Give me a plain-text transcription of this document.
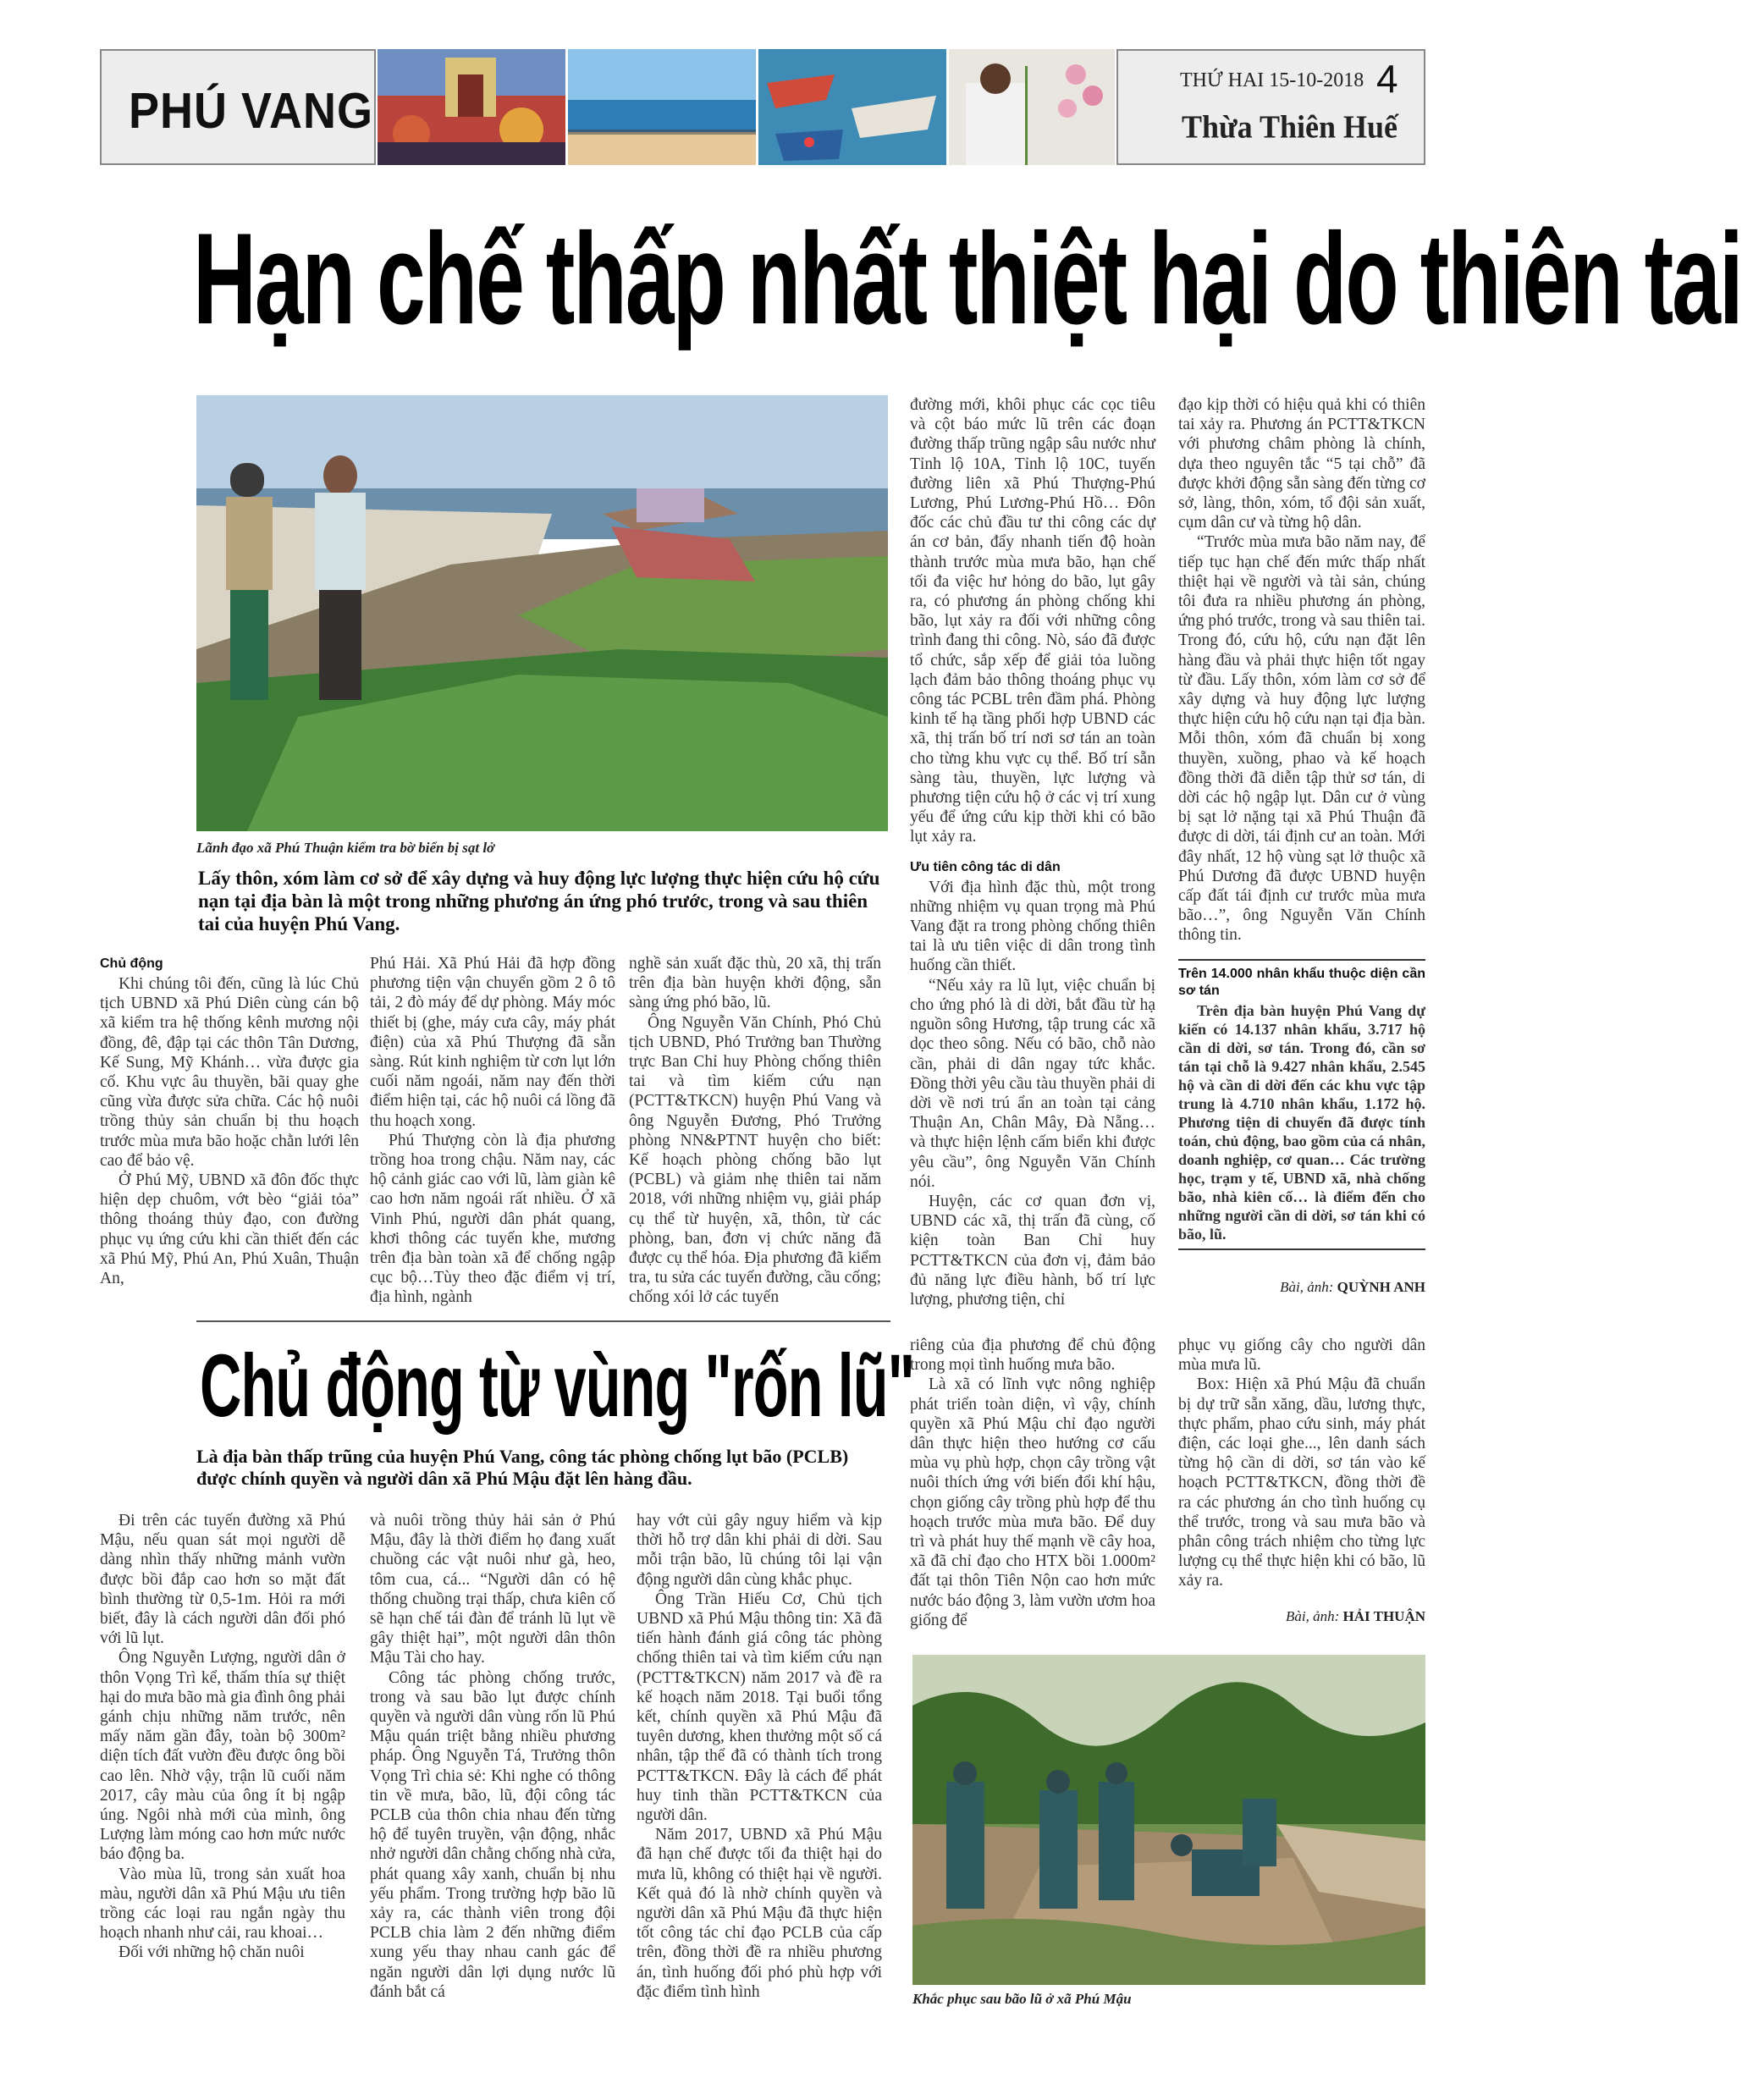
PHÚ VANG
THỨ HAI 15-10-2018 4
Thừa Thiên Huế
Hạn chế thấp nhất thiệt hại do thiên tai
Lãnh đạo xã Phú Thuận kiểm tra bờ biển bị sạt lở
Lấy thôn, xóm làm cơ sở để xây dựng và huy động lực lượng thực hiện cứu hộ cứu nạn tại địa bàn là một trong những phương án ứng phó trước, trong và sau thiên tai của huyện Phú Vang.
Chủ động

Khi chúng tôi đến, cũng là lúc Chủ tịch UBND xã Phú Diên cùng cán bộ xã kiểm tra hệ thống kênh mương nội đồng, đê, đập tại các thôn Tân Dương, Kế Sung, Mỹ Khánh… vừa được gia cố. Khu vực âu thuyền, bãi quay ghe cũng vừa được sửa chữa. Các hộ nuôi trồng thủy sản chuẩn bị thu hoạch trước mùa mưa bão hoặc chằn lưới lên cao để bảo vệ.

Ở Phú Mỹ, UBND xã đôn đốc thực hiện dẹp chuôm, vớt bèo “giải tỏa” thông thoáng thủy đạo, con đường phục vụ ứng cứu khi cần thiết đến các xã Phú Mỹ, Phú An, Phú Xuân, Thuận An,

Phú Hải. Xã Phú Hải đã hợp đồng phương tiện vận chuyển gồm 2 ô tô tải, 2 đò máy để dự phòng. Máy móc thiết bị (ghe, máy cưa cây, máy phát điện) của xã Phú Thượng đã sẵn sàng. Rút kinh nghiệm từ cơn lụt lớn cuối năm ngoái, năm nay đến thời điểm hiện tại, các hộ nuôi cá lồng đã thu hoạch xong.

Phú Thượng còn là địa phương trồng hoa trong chậu. Năm nay, các hộ cảnh giác cao với lũ, làm giàn kê cao hơn năm ngoái rất nhiều. Ở xã Vinh Phú, người dân phát quang, khơi thông các tuyến khe, mương trên địa bàn toàn xã để chống ngập cục bộ…Tùy theo đặc điểm vị trí, địa hình, ngành

nghề sản xuất đặc thù, 20 xã, thị trấn trên địa bàn huyện khởi động, sẵn sàng ứng phó bão, lũ.

Ông Nguyễn Văn Chính, Phó Chủ tịch UBND, Phó Trưởng ban Thường trực Ban Chỉ huy Phòng chống thiên tai và tìm kiếm cứu nạn (PCTT&TKCN) huyện Phú Vang và ông Nguyễn Đương, Phó Trưởng phòng NN&PTNT huyện cho biết: Kế hoạch phòng chống bão lụt (PCBL) và giảm nhẹ thiên tai năm 2018, với những nhiệm vụ, giải pháp cụ thể từ huyện, xã, thôn, từ các phòng, ban, đơn vị chức năng đã được cụ thể hóa. Địa phương đã kiểm tra, tu sửa các tuyến đường, cầu cống; chống xói lở các tuyến

đường mới, khôi phục các cọc tiêu và cột báo mức lũ trên các đoạn đường thấp trũng ngập sâu nước như Tỉnh lộ 10A, Tỉnh lộ 10C, tuyến đường liên xã Phú Thượng-Phú Lương, Phú Lương-Phú Hồ… Đôn đốc các chủ đầu tư thi công các dự án cơ bản, đẩy nhanh tiến độ hoàn thành trước mùa mưa bão, hạn chế tối đa việc hư hỏng do bão, lụt gây ra, có phương án phòng chống khi bão, lụt xảy ra đối với những công trình đang thi công. Nò, sáo đã được tổ chức, sắp xếp để giải tỏa luồng lạch đảm bảo thông thoáng phục vụ công tác PCBL trên đầm phá. Phòng kinh tế hạ tầng phối hợp UBND các xã, thị trấn bố trí nơi sơ tán an toàn cho từng khu vực cụ thể. Bố trí sẵn sàng tàu, thuyền, lực lượng và phương tiện cứu hộ ở các vị trí xung yếu để ứng cứu kịp thời khi có bão lụt xảy ra.

Ưu tiên công tác di dân

Với địa hình đặc thù, một trong những nhiệm vụ quan trọng mà Phú Vang đặt ra trong phòng chống thiên tai là ưu tiên việc di dân trong tình huống cần thiết.

“Nếu xảy ra lũ lụt, việc chuẩn bị cho ứng phó là di dời, bắt đầu từ hạ nguồn sông Hương, tập trung các xã dọc theo sông. Nếu có bão, chỗ nào cần, phải di dân ngay tức khắc. Đồng thời yêu cầu tàu thuyền phải di dời về nơi trú ẩn an toàn tại cảng Thuận An, Chân Mây, Đà Nẵng… và thực hiện lệnh cấm biển khi được yêu cầu”, ông Nguyễn Văn Chính nói.

Huyện, các cơ quan đơn vị, UBND các xã, thị trấn đã cùng, cố kiện toàn Ban Chỉ huy PCTT&TKCN của đơn vị, đảm bảo đủ năng lực điều hành, bố trí lực lượng, phương tiện, chỉ

đạo kịp thời có hiệu quả khi có thiên tai xảy ra. Phương án PCTT&TKCN với phương châm phòng là chính, dựa theo nguyên tắc “5 tại chỗ” đã được khởi động sẵn sàng đến từng cơ sở, làng, thôn, xóm, tổ đội sản xuất, cụm dân cư và từng hộ dân.

“Trước mùa mưa bão năm nay, để tiếp tục hạn chế đến mức thấp nhất thiệt hại về người và tài sản, chúng tôi đưa ra nhiều phương án phòng, ứng phó trước, trong và sau thiên tai. Trong đó, cứu hộ, cứu nạn đặt lên hàng đầu và phải thực hiện tốt ngay từ đầu. Lấy thôn, xóm làm cơ sở để xây dựng và huy động lực lượng thực hiện cứu hộ cứu nạn tại địa bàn. Mỗi thôn, xóm đã chuẩn bị xong thuyền, xuồng, phao và kế hoạch đồng thời đã diễn tập thử sơ tán, di dời các hộ ngập lụt. Dân cư ở vùng bị sạt lở nặng tại xã Phú Thuận đã được di dời, tái định cư an toàn. Mới đây nhất, 12 hộ vùng sạt lở thuộc xã Phú Dương đã được UBND huyện cấp đất tái định cư trước mùa mưa bão…”, ông Nguyễn Văn Chính thông tin.

Trên 14.000 nhân khẩu thuộc diện cần sơ tán

Trên địa bàn huyện Phú Vang dự kiến có 14.137 nhân khẩu, 3.717 hộ cần di dời, sơ tán. Trong đó, cần sơ tán tại chỗ là 9.427 nhân khẩu, 2.545 hộ và cần di dời đến các khu vực tập trung là 4.710 nhân khẩu, 1.172 hộ. Phương tiện di chuyển đã được tính toán, chủ động, bao gồm của cá nhân, doanh nghiệp, cơ quan… Các trường học, trạm y tế, UBND xã, nhà chống bão, nhà kiên cố… là điểm đến cho những người cần di dời, sơ tán khi có bão, lũ.

Bài, ảnh: QUỲNH ANH
Chủ động từ vùng "rốn lũ"
Là địa bàn thấp trũng của huyện Phú Vang, công tác phòng chống lụt bão (PCLB) được chính quyền và người dân xã Phú Mậu đặt lên hàng đầu.

Đi trên các tuyến đường xã Phú Mậu, nếu quan sát mọi người dễ dàng nhìn thấy những mảnh vườn được bồi đắp cao hơn so mặt đất bình thường từ 0,5-1m. Hỏi ra mới biết, đây là cách người dân đối phó với lũ lụt.

Ông Nguyễn Lượng, người dân ở thôn Vọng Trì kể, thấm thía sự thiệt hại do mưa bão mà gia đình ông phải gánh chịu những năm trước, nên mấy năm gần đây, toàn bộ 300m² diện tích đất vườn đều được ông bồi cao lên. Nhờ vậy, trận lũ cuối năm 2017, cây màu của ông ít bị ngập úng. Ngôi nhà mới của mình, ông Lượng làm móng cao hơn mức nước báo động ba.

Vào mùa lũ, trong sản xuất hoa màu, người dân xã Phú Mậu ưu tiên trồng các loại rau ngắn ngày thu hoạch nhanh như cải, rau khoai…

Đối với những hộ chăn nuôi

và nuôi trồng thủy hải sản ở Phú Mậu, đây là thời điểm họ đang xuất chuồng các vật nuôi như gà, heo, tôm cua, cá... “Người dân có hệ thống chuồng trại thấp, chưa kiên cố sẽ hạn chế tái đàn để tránh lũ lụt về gây thiệt hại”, một người dân thôn Mậu Tài cho hay.

Công tác phòng chống trước, trong và sau bão lụt được chính quyền và người dân vùng rốn lũ Phú Mậu quán triệt bằng nhiều phương pháp. Ông Nguyễn Tá, Trưởng thôn Vọng Trì chia sẻ: Khi nghe có thông tin về mưa, bão, lũ, đội công tác PCLB của thôn chia nhau đến từng hộ để tuyên truyền, vận động, nhắc nhở người dân chằng chống nhà cửa, phát quang xây xanh, chuẩn bị nhu yếu phẩm. Trong trường hợp bão lũ xảy ra, các thành viên trong đội PCLB chia làm 2 đến những điểm xung yếu thay nhau canh gác để ngăn người dân lợi dụng nước lũ đánh bắt cá

hay vớt củi gây nguy hiểm và kịp thời hỗ trợ dân khi phải di dời. Sau mỗi trận bão, lũ chúng tôi lại vận động người dân cùng khắc phục.

Ông Trần Hiếu Cơ, Chủ tịch UBND xã Phú Mậu thông tin: Xã đã tiến hành đánh giá công tác phòng chống thiên tai và tìm kiếm cứu nạn (PCTT&TKCN) năm 2017 và đề ra kế hoạch năm 2018. Tại buổi tổng kết, chính quyền xã Phú Mậu đã tuyên dương, khen thưởng một số cá nhân, tập thể đã có thành tích trong PCTT&TKCN. Đây là cách để phát huy tinh thần PCTT&TKCN của người dân.

Năm 2017, UBND xã Phú Mậu đã hạn chế được tối đa thiệt hại do mưa lũ, không có thiệt hại về người. Kết quả đó là nhờ chính quyền và người dân xã Phú Mậu đã thực hiện tốt công tác chỉ đạo PCLB của cấp trên, đồng thời đề ra nhiều phương án, tình huống đối phó phù hợp với đặc điểm tình hình

riêng của địa phương để chủ động trong mọi tình huống mưa bão.

Là xã có lĩnh vực nông nghiệp phát triển toàn diện, vì vậy, chính quyền xã Phú Mậu chỉ đạo người dân thực hiện theo hướng cơ cấu mùa vụ phù hợp, chọn cây trồng vật nuôi thích ứng với biến đổi khí hậu, chọn giống cây trồng phù hợp để thu hoạch trước mùa mưa bão. Để duy trì và phát huy thế mạnh về cây hoa, xã đã chỉ đạo cho HTX bồi 1.000m² đất tại thôn Tiên Nộn cao hơn mức nước báo động 3, làm vườn ươm hoa giống để

phục vụ giống cây cho người dân mùa mưa lũ.

Box: Hiện xã Phú Mậu đã chuẩn bị dự trữ sẵn xăng, dầu, lương thực, thực phẩm, phao cứu sinh, máy phát điện, các loại ghe..., lên danh sách từng hộ cần di dời, sơ tán vào kế hoạch PCTT&TKCN, đồng thời đề ra các phương án cho tình huống cụ thể trước, trong và sau mưa bão và phân công trách nhiệm cho từng lực lượng cụ thể thực hiện khi có bão, lũ xảy ra.

Bài, ảnh: HẢI THUẬN
Khắc phục sau bão lũ ở xã Phú Mậu
